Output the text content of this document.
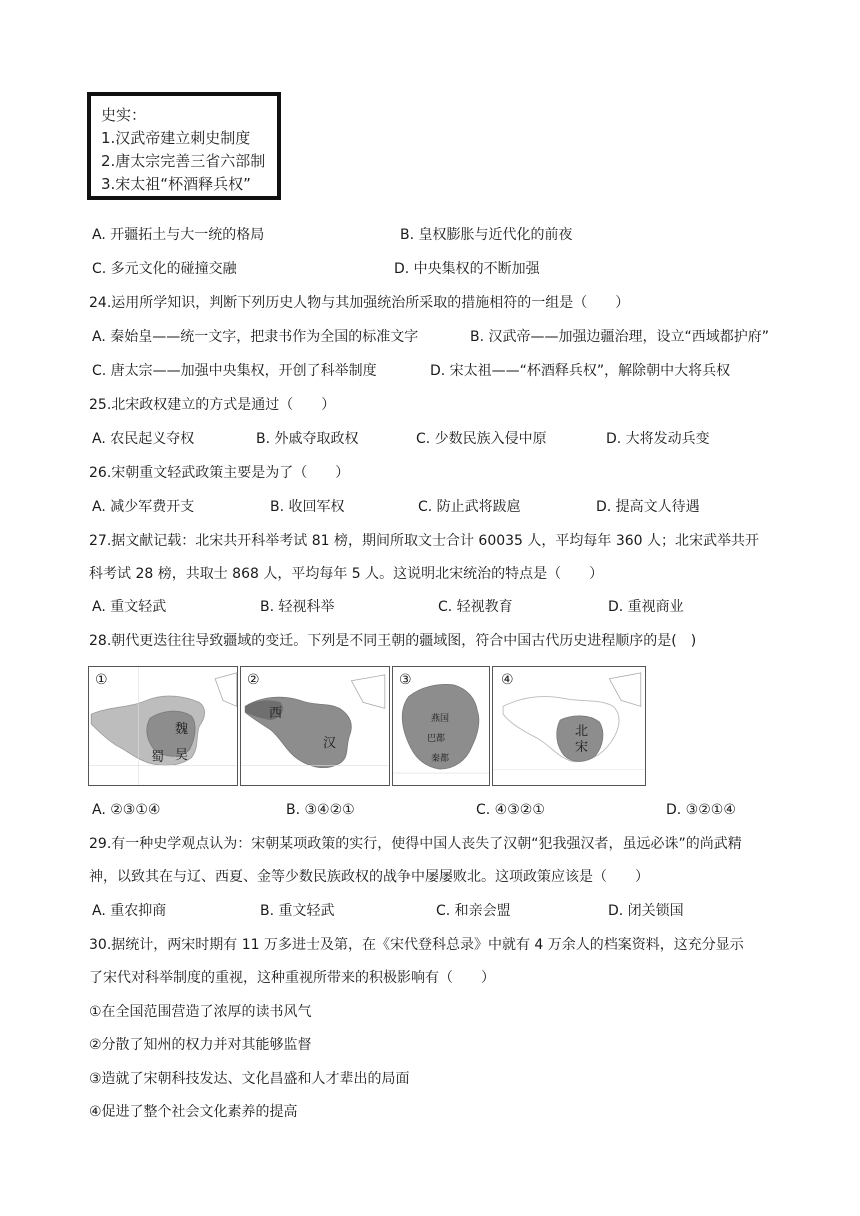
史实：
1.汉武帝建立刺史制度
2.唐太宗完善三省六部制
3.宋太祖“杯酒释兵权”
A. 开疆拓土与大一统的格局	B. 皇权膨胀与近代化的前夜
C. 多元文化的碰撞交融	D. 中央集权的不断加强
24.运用所学知识，判断下列历史人物与其加强统治所采取的措施相符的一组是（　　）
A. 秦始皇——统一文字，把隶书作为全国的标准文字	B. 汉武帝——加强边疆治理，设立“西域都护府”
C. 唐太宗——加强中央集权，开创了科举制度	D. 宋太祖——“杯酒释兵权”，解除朝中大将兵权
25.北宋政权建立的方式是通过（　　）
A. 农民起义夺权	B. 外戚夺取政权	C. 少数民族入侵中原	D. 大将发动兵变
26.宋朝重文轻武政策主要是为了（　　）
A. 减少军费开支	B. 收回军权	C. 防止武将跋扈	D. 提高文人待遇
27.据文献记载：北宋共开科举考试 81 榜，期间所取文士合计 60035 人，平均每年 360 人；北宋武举共开
科考试 28 榜，共取士 868 人，平均每年 5 人。这说明北宋统治的特点是（　　）
A. 重文轻武	B. 轻视科举	C. 轻视教育	D. 重视商业
28.朝代更迭往往导致疆域的变迁。下列是不同王朝的疆域图，符合中国古代历史进程顺序的是(　)
①
魏
蜀 吴
②
西
汉
③
燕国
巴都
秦都
④
北
宋
A. ②③①④	B. ③④②①	C. ④③②①	D. ③②①④
29.有一种史学观点认为：宋朝某项政策的实行，使得中国人丧失了汉朝“犯我强汉者，虽远必诛”的尚武精
神，以致其在与辽、西夏、金等少数民族政权的战争中屡屡败北。这项政策应该是（　　）
A. 重农抑商	B. 重文轻武	C. 和亲会盟	D. 闭关锁国
30.据统计，两宋时期有 11 万多进士及第，在《宋代登科总录》中就有 4 万余人的档案资料，这充分显示
了宋代对科举制度的重视，这种重视所带来的积极影响有（　　）
①在全国范围营造了浓厚的读书风气
②分散了知州的权力并对其能够监督
③造就了宋朝科技发达、文化昌盛和人才辈出的局面
④促进了整个社会文化素养的提高
